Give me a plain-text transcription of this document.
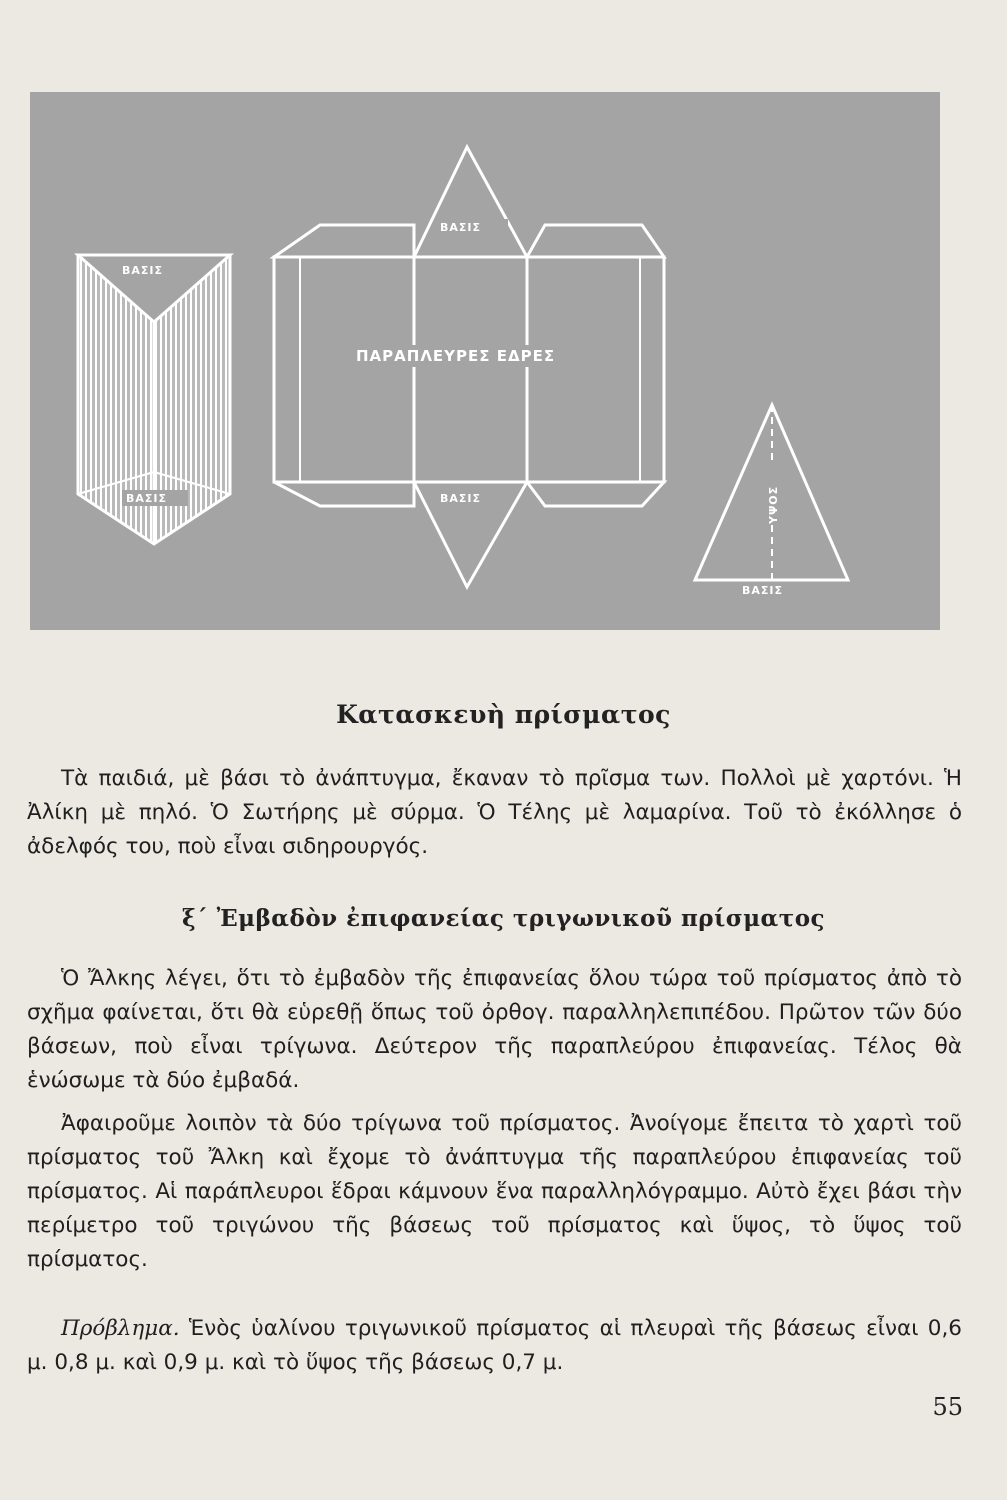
ΒΑΣΙΣ
ΒΑΣΙΣ
ΒΑΣΙΣ
ΠΑΡΑΠΛΕΥΡΕΣ ΕΔΡΕΣ
ΒΑΣΙΣ	ΥΨΟΣ
ΒΑΣΙΣ
Κατασκευὴ πρίσματος

Τὰ παιδιά, μὲ βάσι τὸ ἀνάπτυγμα, ἔκαναν τὸ πρῖσμα των. Πολλοὶ μὲ χαρτόνι. Ἡ Ἀλίκη μὲ πηλό. Ὁ Σωτήρης μὲ σύρμα. Ὁ Τέλης μὲ λαμαρίνα. Τοῦ τὸ ἐκόλλησε ὁ ἀδελφός του, ποὺ εἶναι σιδηρουργός.

ξ΄ Ἐμβαδὸν ἐπιφανείας τριγωνικοῦ πρίσματος

Ὁ Ἄλκης λέγει, ὅτι τὸ ἐμβαδὸν τῆς ἐπιφανείας ὅλου τώρα τοῦ πρίσματος ἀπὸ τὸ σχῆμα φαίνεται, ὅτι θὰ εὑρεθῇ ὅπως τοῦ ὀρθογ. παραλληλεπιπέδου. Πρῶτον τῶν δύο βάσεων, ποὺ εἶναι τρίγωνα. Δεύτερον τῆς παραπλεύρου ἐπιφανείας. Τέλος θὰ ἑνώσωμε τὰ δύο ἐμβαδά.

Ἀφαιροῦμε λοιπὸν τὰ δύο τρίγωνα τοῦ πρίσματος. Ἀνοίγομε ἔπειτα τὸ χαρτὶ τοῦ πρίσματος τοῦ Ἄλκη καὶ ἔχομε τὸ ἀνάπτυγμα τῆς παραπλεύρου ἐπιφανείας τοῦ πρίσματος. Αἱ παράπλευροι ἕδραι κάμνουν ἕνα παραλληλόγραμμο. Αὐτὸ ἔχει βάσι τὴν περίμετρο τοῦ τριγώνου τῆς βάσεως τοῦ πρίσματος καὶ ὕψος, τὸ ὕψος τοῦ πρίσματος.

Πρόβλημα. Ἑνὸς ὑαλίνου τριγωνικοῦ πρίσματος αἱ πλευραὶ τῆς βάσεως εἶναι 0,6 μ. 0,8 μ. καὶ 0,9 μ. καὶ τὸ ὕψος τῆς βάσεως 0,7 μ.

55
